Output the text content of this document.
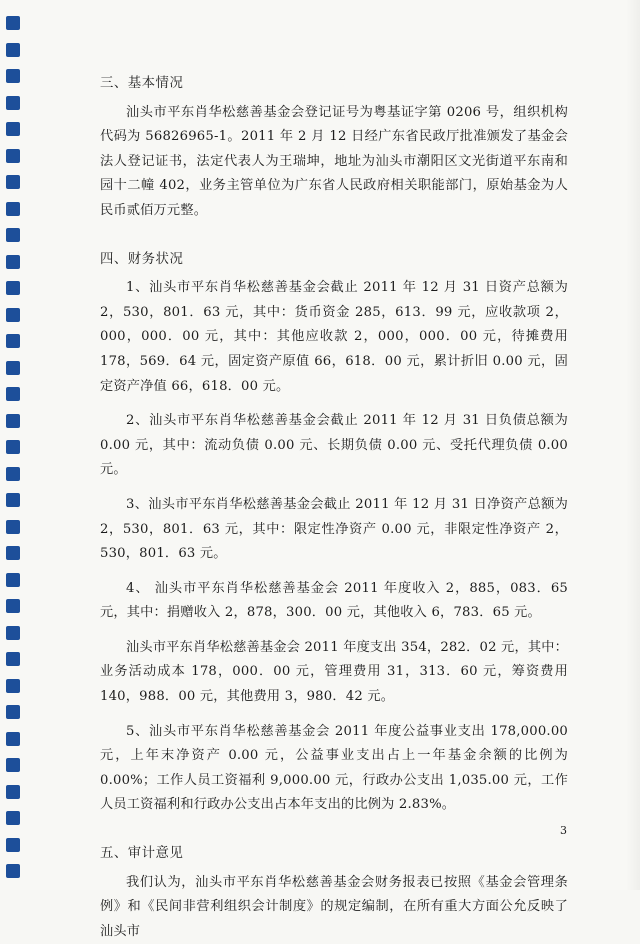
三、基本情况

汕头市平东肖华松慈善基金会登记证号为粤基证字第 0206 号，组织机构代码为 56826965-1。2011 年 2 月 12 日经广东省民政厅批准颁发了基金会法人登记证书，法定代表人为王瑞坤，地址为汕头市潮阳区文光街道平东南和园十二幢 402，业务主管单位为广东省人民政府相关职能部门，原始基金为人民币贰佰万元整。

四、财务状况

1、汕头市平东肖华松慈善基金会截止 2011 年 12 月 31 日资产总额为 2，530，801．63 元，其中：货币资金 285，613．99 元，应收款项 2，000，000．00 元，其中：其他应收款 2，000，000．00 元，待摊费用 178，569．64 元，固定资产原值 66，618．00 元，累计折旧 0.00 元，固定资产净值 66，618．00 元。

2、汕头市平东肖华松慈善基金会截止 2011 年 12 月 31 日负债总额为 0.00 元，其中：流动负债 0.00 元、长期负债 0.00 元、受托代理负债 0.00 元。

3、汕头市平东肖华松慈善基金会截止 2011 年 12 月 31 日净资产总额为 2，530，801．63 元，其中：限定性净资产 0.00 元，非限定性净资产 2，530，801．63 元。

4、 汕头市平东肖华松慈善基金会 2011 年度收入 2，885，083．65 元，其中：捐赠收入 2，878，300．00 元，其他收入 6，783．65 元。

汕头市平东肖华松慈善基金会 2011 年度支出 354，282．02 元，其中：业务活动成本 178，000．00 元，管理费用 31，313．60 元，筹资费用 140，988．00 元，其他费用 3，980．42 元。

5、汕头市平东肖华松慈善基金会 2011 年度公益事业支出 178,000.00 元，上年末净资产 0.00 元，公益事业支出占上一年基金余额的比例为 0.00%；工作人员工资福利 9,000.00 元，行政办公支出 1,035.00 元，工作人员工资福利和行政办公支出占本年支出的比例为 2.83%。

五、审计意见

我们认为，汕头市平东肖华松慈善基金会财务报表已按照《基金会管理条例》和《民间非营利组织会计制度》的规定编制，在所有重大方面公允反映了汕头市

3
